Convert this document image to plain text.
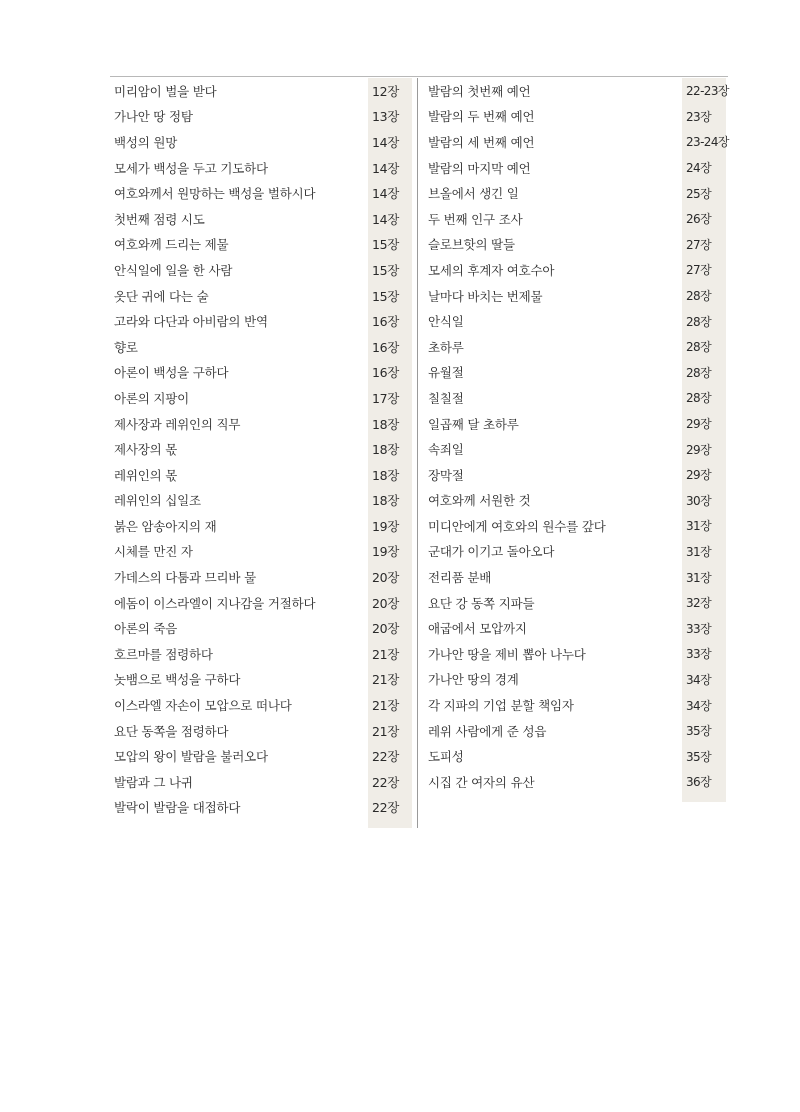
미리암이 벌을 받다	12장
가나안 땅 정탐	13장
백성의 원망	14장
모세가 백성을 두고 기도하다	14장
여호와께서 원망하는 백성을 벌하시다	14장
첫번째 점령 시도	14장
여호와께 드리는 제물	15장
안식일에 일을 한 사람	15장
옷단 귀에 다는 술	15장
고라와 다단과 아비람의 반역	16장
향로	16장
아론이 백성을 구하다	16장
아론의 지팡이	17장
제사장과 레위인의 직무	18장
제사장의 몫	18장
레위인의 몫	18장
레위인의 십일조	18장
붉은 암송아지의 재	19장
시체를 만진 자	19장
가데스의 다툼과 므리바 물	20장
에돔이 이스라엘이 지나감을 거절하다	20장
아론의 죽음	20장
호르마를 점령하다	21장
놋뱀으로 백성을 구하다	21장
이스라엘 자손이 모압으로 떠나다	21장
요단 동쪽을 점령하다	21장
모압의 왕이 발람을 불러오다	22장
발람과 그 나귀	22장
발락이 발람을 대접하다	22장
발람의 첫번째 예언	22-23장
발람의 두 번째 예언	23장
발람의 세 번째 예언	23-24장
발람의 마지막 예언	24장
브올에서 생긴 일	25장
두 번째 인구 조사	26장
슬로브핫의 딸들	27장
모세의 후계자 여호수아	27장
날마다 바치는 번제물	28장
안식일	28장
초하루	28장
유월절	28장
칠칠절	28장
일곱째 달 초하루	29장
속죄일	29장
장막절	29장
여호와께 서원한 것	30장
미디안에게 여호와의 원수를 갚다	31장
군대가 이기고 돌아오다	31장
전리품 분배	31장
요단 강 동쪽 지파들	32장
애굽에서 모압까지	33장
가나안 땅을 제비 뽑아 나누다	33장
가나안 땅의 경계	34장
각 지파의 기업 분할 책임자	34장
레위 사람에게 준 성읍	35장
도피성	35장
시집 간 여자의 유산	36장
